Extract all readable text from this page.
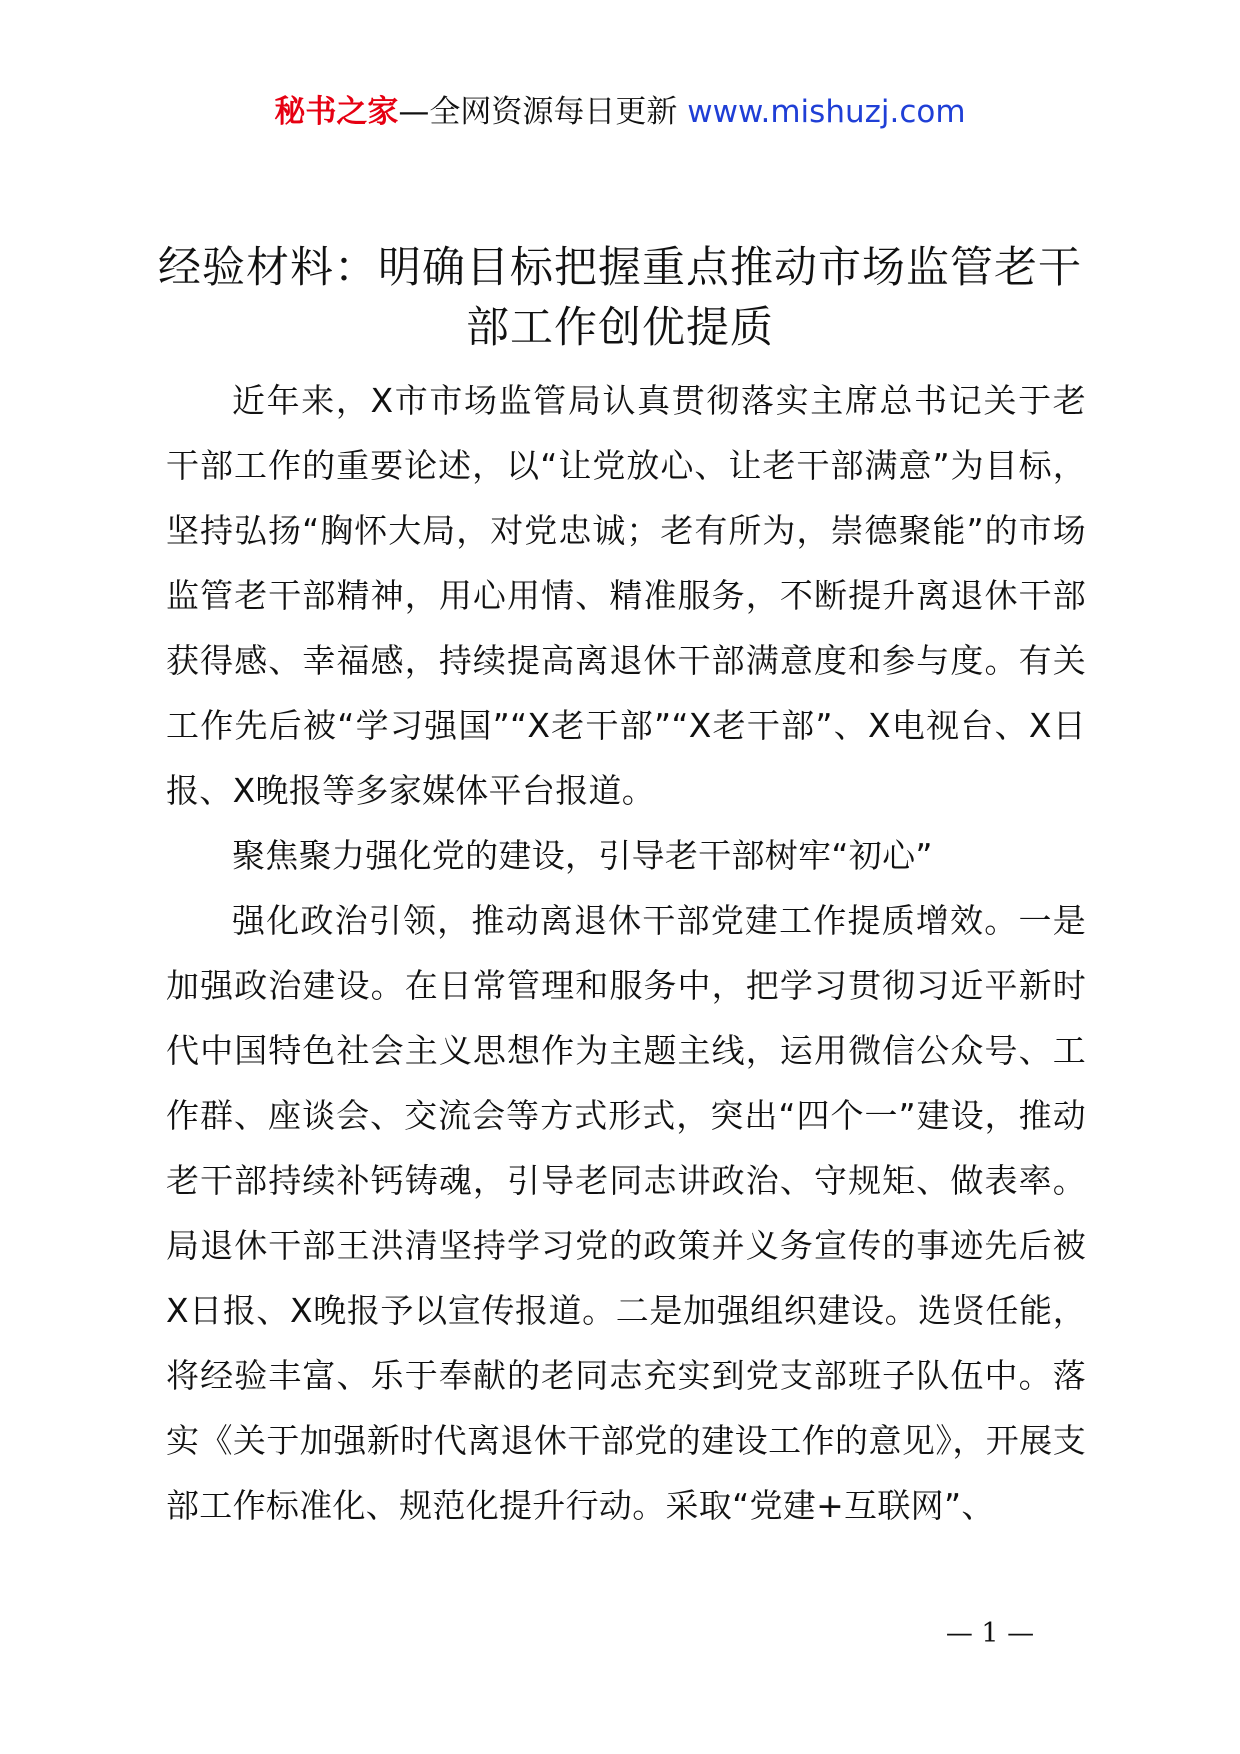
秘书之家—全网资源每日更新 www.mishuzj.com
经验材料：明确目标把握重点推动市场监管老干部工作创优提质

近年来，X市市场监管局认真贯彻落实主席总书记关于老干部工作的重要论述，以“让党放心、让老干部满意”为目标，坚持弘扬“胸怀大局，对党忠诚；老有所为，崇德聚能”的市场监管老干部精神，用心用情、精准服务，不断提升离退休干部获得感、幸福感，持续提高离退休干部满意度和参与度。有关工作先后被“学习强国”“X老干部”“X老干部”、X电视台、X日报、X晚报等多家媒体平台报道。

聚焦聚力强化党的建设，引导老干部树牢“初心”

强化政治引领，推动离退休干部党建工作提质增效。一是加强政治建设。在日常管理和服务中，把学习贯彻习近平新时代中国特色社会主义思想作为主题主线，运用微信公众号、工作群、座谈会、交流会等方式形式，突出“四个一”建设，推动老干部持续补钙铸魂，引导老同志讲政治、守规矩、做表率。局退休干部王洪清坚持学习党的政策并义务宣传的事迹先后被X日报、X晚报予以宣传报道。二是加强组织建设。选贤任能，将经验丰富、乐于奉献的老同志充实到党支部班子队伍中。落实《关于加强新时代离退休干部党的建设工作的意见》，开展支部工作标准化、规范化提升行动。采取“党建+互联网”、

— 1 —
